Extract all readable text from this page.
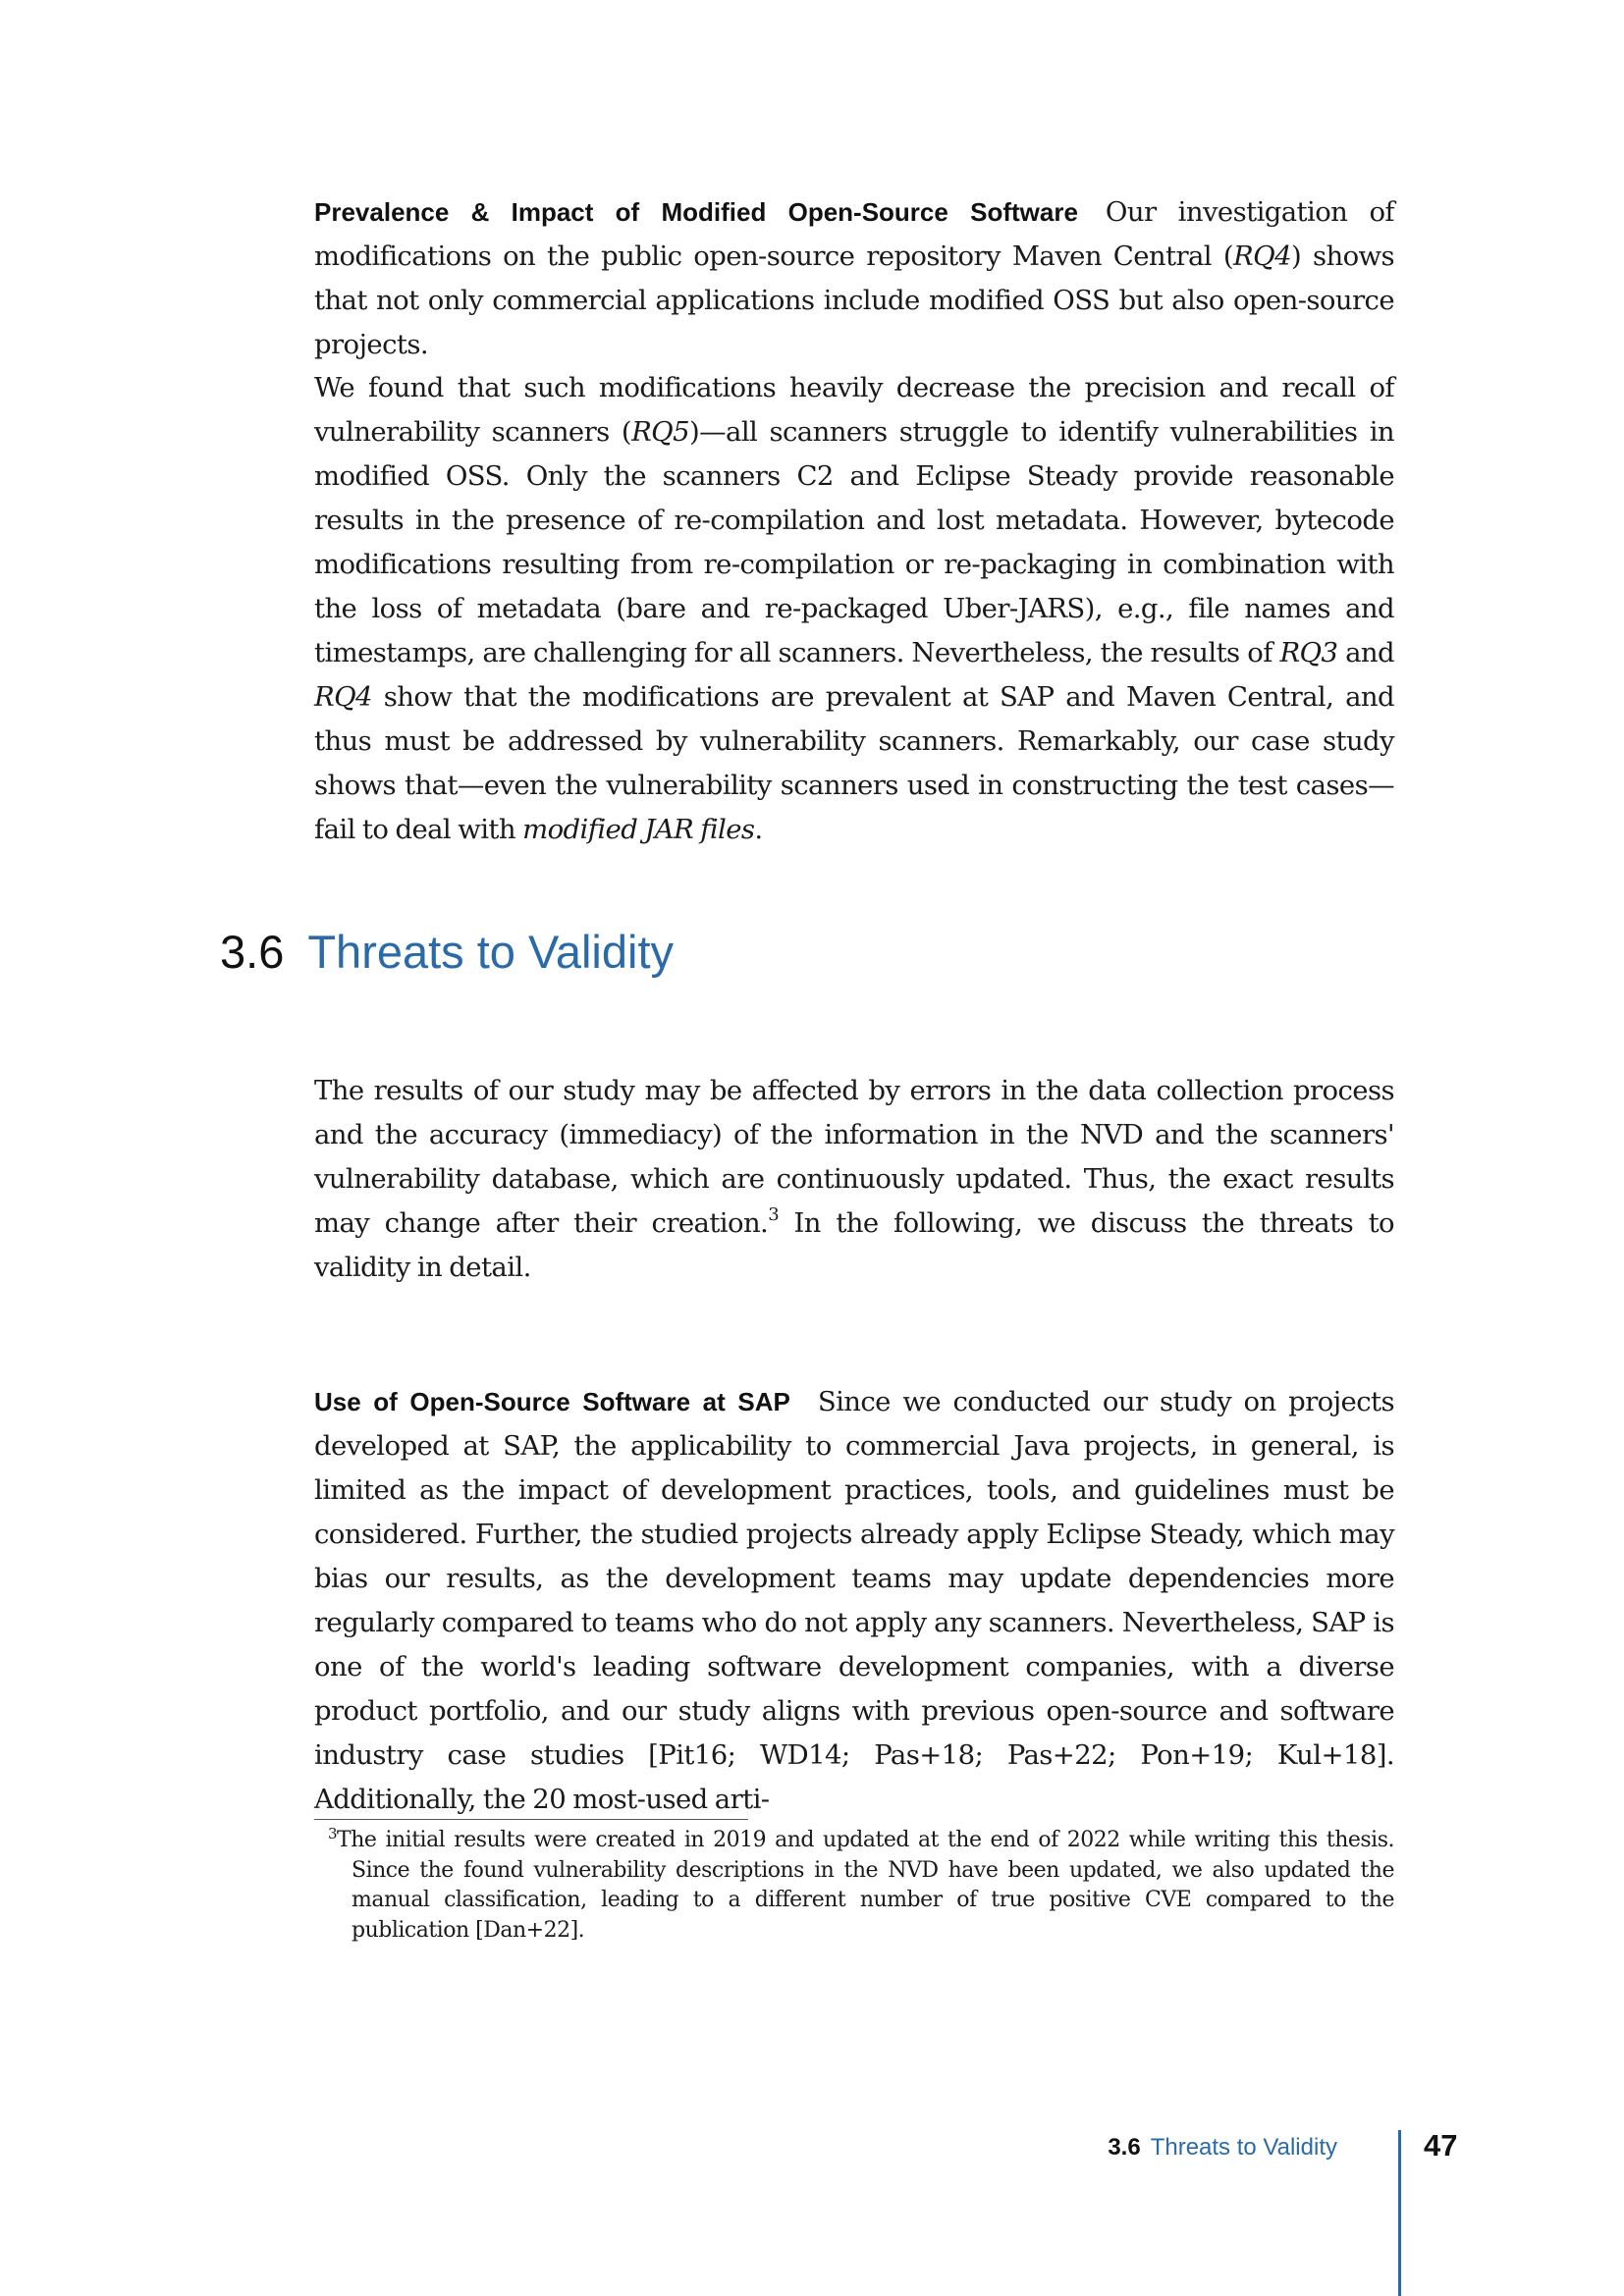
Prevalence & Impact of Modified Open-Source Software Our investigation of modifications on the public open-source repository Maven Central (RQ4) shows that not only commercial applications include modified OSS but also open-source projects.

We found that such modifications heavily decrease the precision and recall of vulnerability scanners (RQ5)—all scanners struggle to identify vulnerabilities in modified OSS. Only the scanners C2 and Eclipse Steady provide reasonable results in the presence of re-compilation and lost metadata. However, bytecode modifications resulting from re-compilation or re-packaging in combination with the loss of metadata (bare and re-packaged Uber-JARS), e.g., file names and timestamps, are challenging for all scanners. Nevertheless, the results of RQ3 and RQ4 show that the modifications are prevalent at SAP and Maven Central, and thus must be addressed by vulnerability scanners. Remarkably, our case study shows that—even the vulnerability scanners used in constructing the test cases—fail to deal with modified JAR files.

3.6 Threats to Validity

The results of our study may be affected by errors in the data collection process and the accuracy (immediacy) of the information in the NVD and the scanners' vulnerability database, which are continuously updated. Thus, the exact results may change after their creation.$^3$ In the following, we discuss the threats to validity in detail.

Use of Open-Source Software at SAP Since we conducted our study on projects developed at SAP, the applicability to commercial Java projects, in general, is limited as the impact of development practices, tools, and guidelines must be considered. Further, the studied projects already apply Eclipse Steady, which may bias our results, as the development teams may update dependencies more regularly compared to teams who do not apply any scanners. Nevertheless, SAP is one of the world's leading software development companies, with a diverse product portfolio, and our study aligns with previous open-source and software industry case studies [Pit16; WD14; Pas+18; Pas+22; Pon+19; Kul+18]. Additionally, the 20 most-used arti-

$^3$The initial results were created in 2019 and updated at the end of 2022 while writing this thesis. Since the found vulnerability descriptions in the NVD have been updated, we also updated the manual classification, leading to a different number of true positive CVE compared to the publication [Dan+22].

3.6 Threats to Validity	47
